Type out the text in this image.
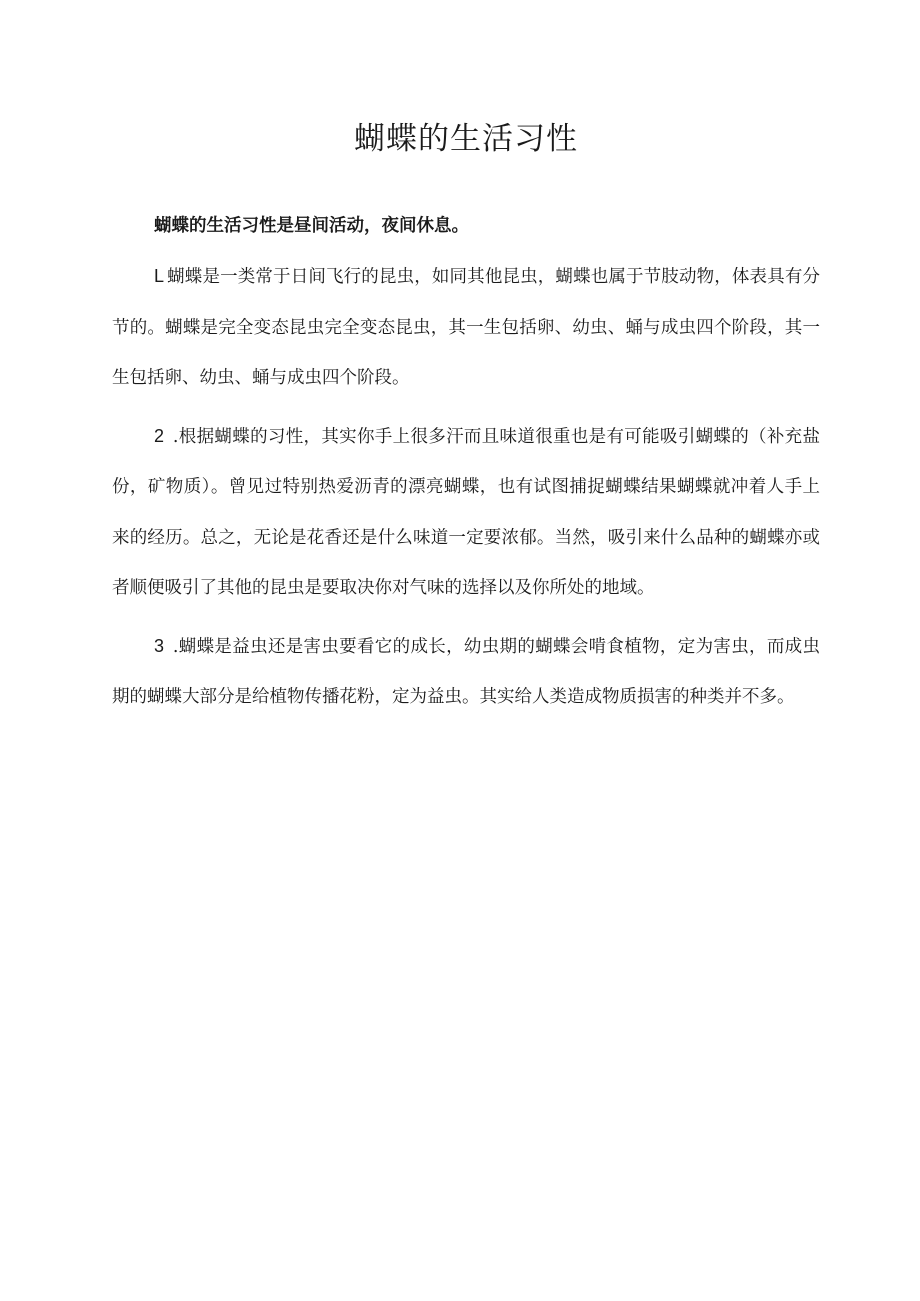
蝴蝶的生活习性

蝴蝶的生活习性是昼间活动，夜间休息。

L 蝴蝶是一类常于日间飞行的昆虫，如同其他昆虫，蝴蝶也属于节肢动物，体表具有分节的。蝴蝶是完全变态昆虫完全变态昆虫，其一生包括卵、幼虫、蛹与成虫四个阶段，其一生包括卵、幼虫、蛹与成虫四个阶段。

2 .根据蝴蝶的习性，其实你手上很多汗而且味道很重也是有可能吸引蝴蝶的（补充盐份，矿物质）。曾见过特别热爱沥青的漂亮蝴蝶，也有试图捕捉蝴蝶结果蝴蝶就冲着人手上来的经历。总之，无论是花香还是什么味道一定要浓郁。当然，吸引来什么品种的蝴蝶亦或者顺便吸引了其他的昆虫是要取决你对气味的选择以及你所处的地域。

3 .蝴蝶是益虫还是害虫要看它的成长，幼虫期的蝴蝶会啃食植物，定为害虫，而成虫期的蝴蝶大部分是给植物传播花粉，定为益虫。其实给人类造成物质损害的种类并不多。
